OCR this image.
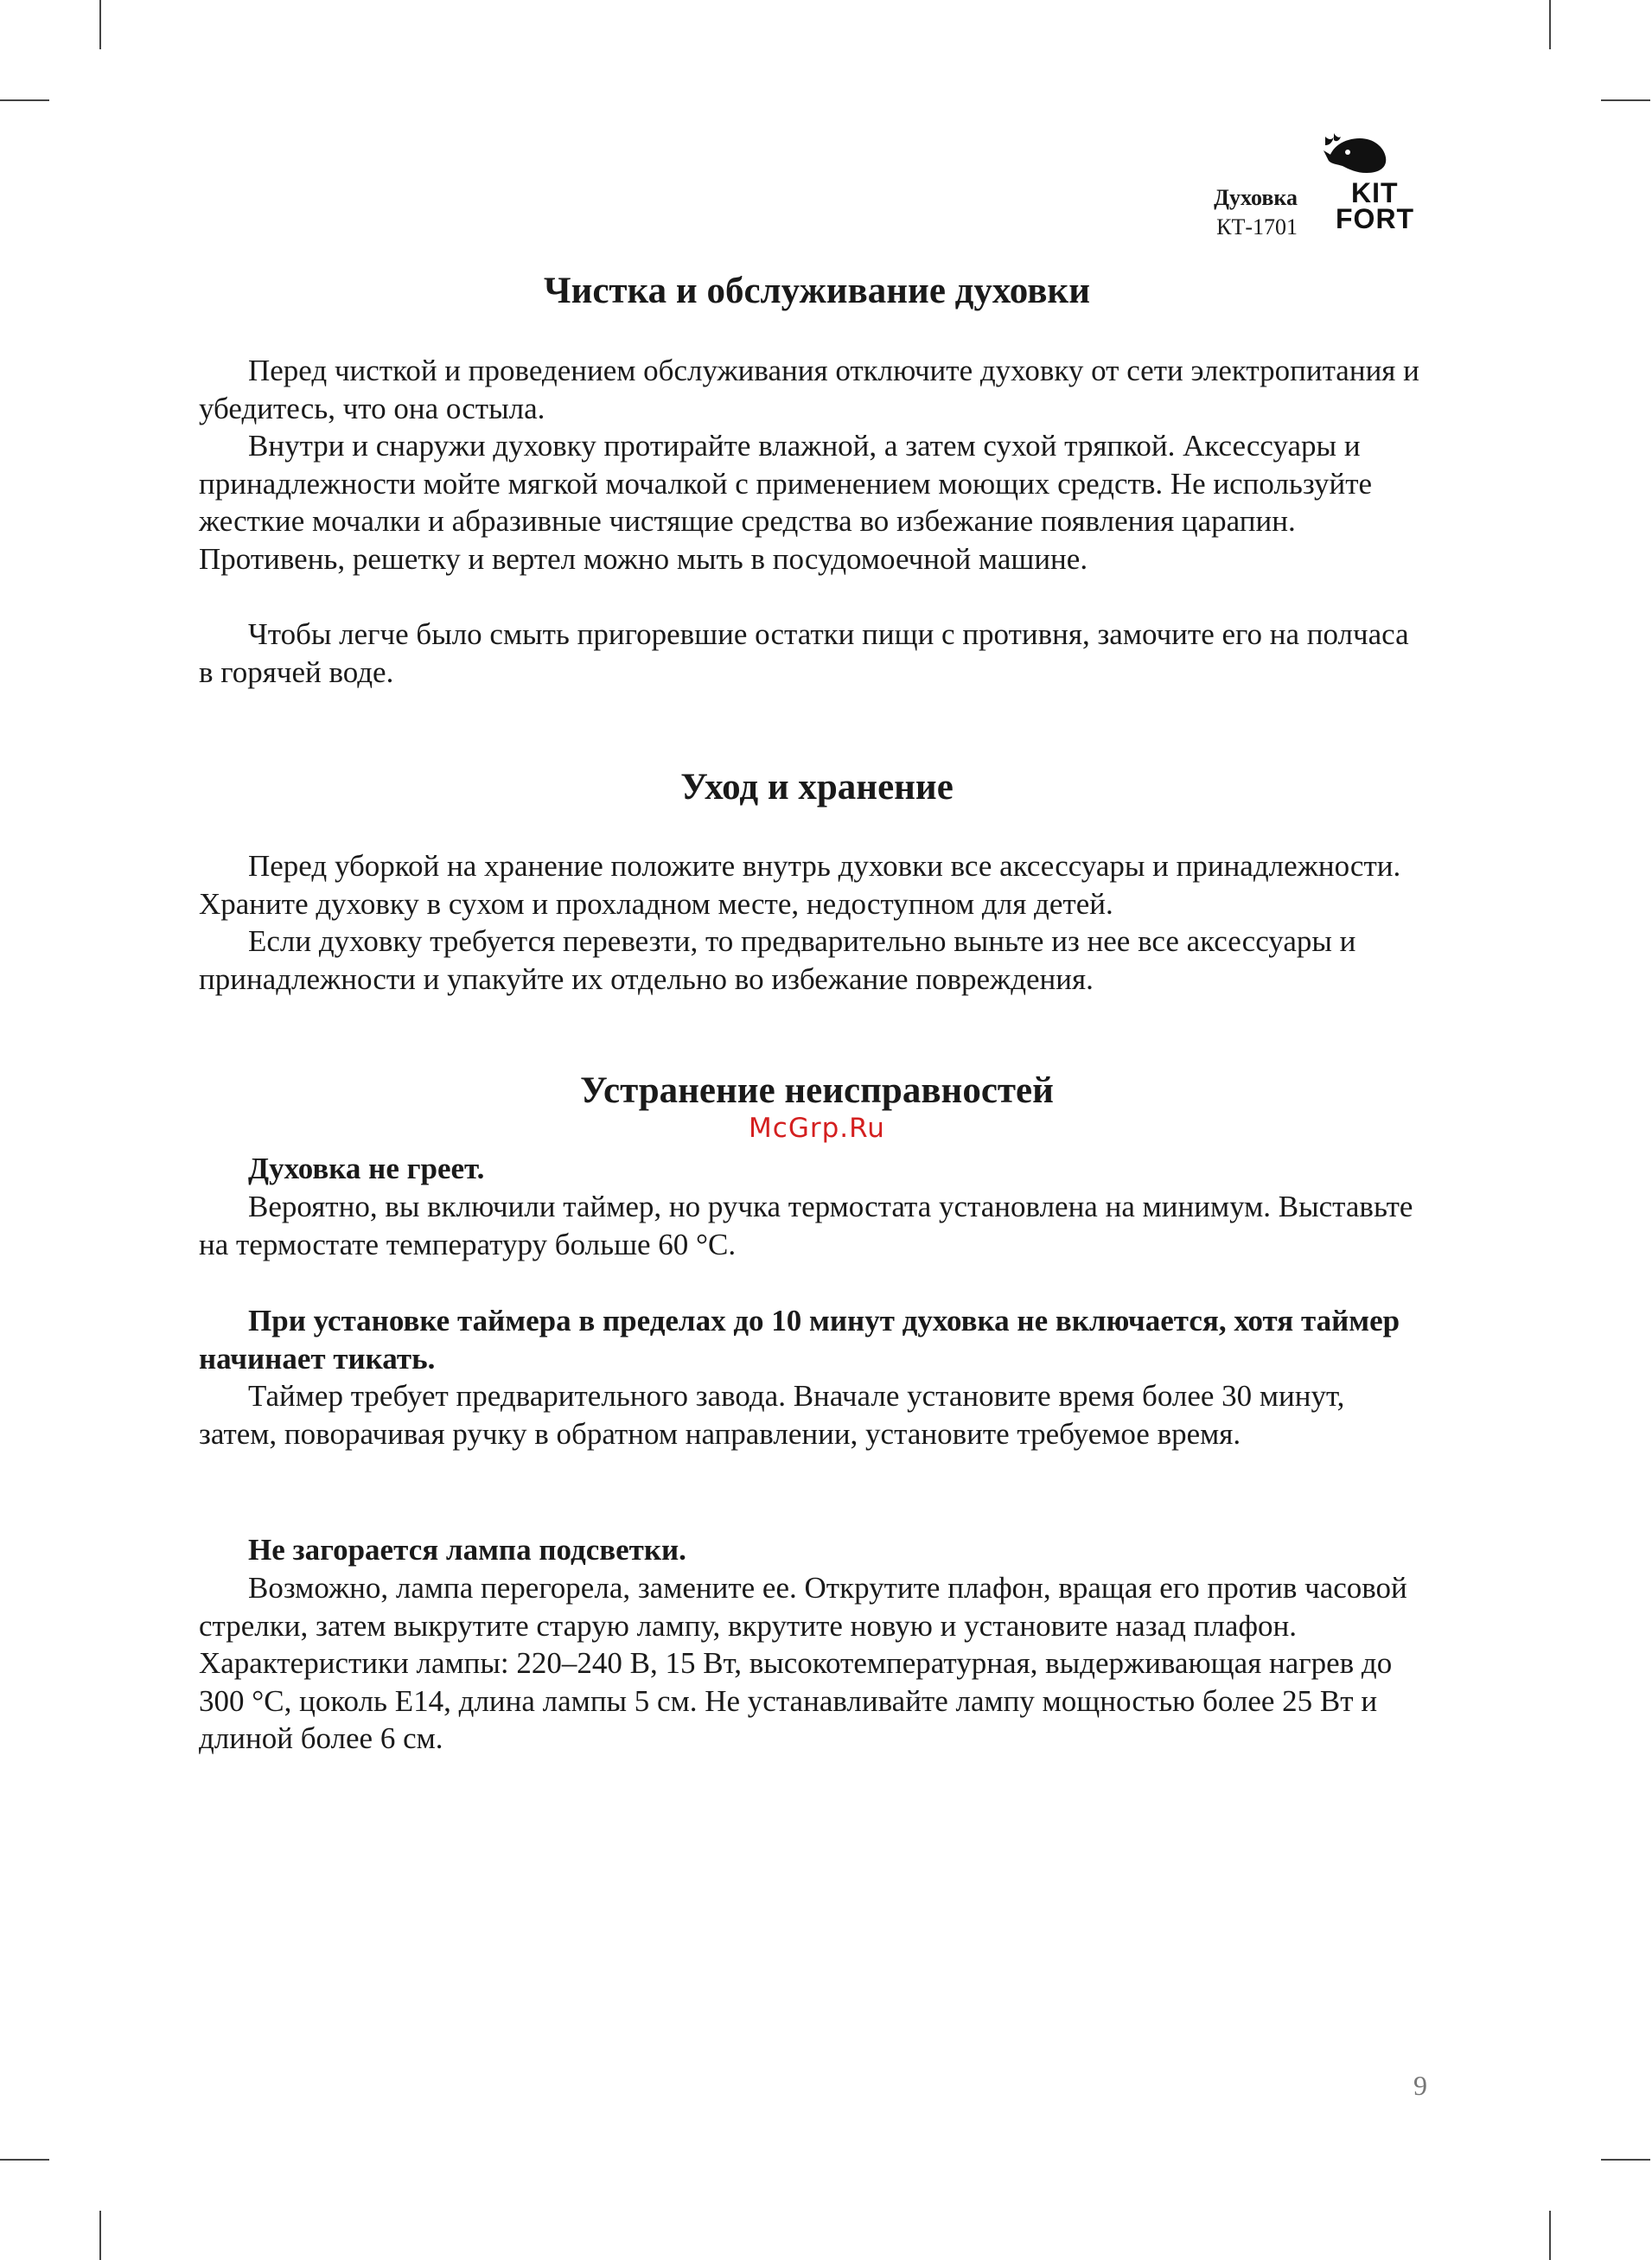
Духовка
КТ-1701
KIT
FORT
Чистка и обслуживание духовки

Перед чисткой и проведением обслуживания отключите духовку от сети электропитания и убедитесь, что она остыла.

Внутри и снаружи духовку протирайте влажной, а затем сухой тряпкой. Аксессуары и принадлежности мойте мягкой мочалкой с применением моющих средств. Не используйте жесткие мочалки и абразивные чистящие средства во избежание появления царапин. Противень, решетку и вертел можно мыть в посудомоечной машине.

Чтобы легче было смыть пригоревшие остатки пищи с противня, замочите его на полчаса в горячей воде.

Уход и хранение

Перед уборкой на хранение положите внутрь духовки все аксессуары и принадлежности. Храните духовку в сухом и прохладном месте, недоступном для детей.

Если духовку требуется перевезти, то предварительно выньте из нее все аксессуары и принадлежности и упакуйте их отдельно во избежание повреждения.

Устранение неисправностей
McGrp.Ru

Духовка не греет.

Вероятно, вы включили таймер, но ручка термостата установлена на минимум. Выставьте на термостате температуру больше 60 °С.

При установке таймера в пределах до 10 минут духовка не включается, хотя таймер начинает тикать.

Таймер требует предварительного завода. Вначале установите время более 30 минут, затем, поворачивая ручку в обратном направлении, установите требуемое время.

Не загорается лампа подсветки.

Возможно, лампа перегорела, замените ее. Открутите плафон, вращая его против часовой стрелки, затем выкрутите старую лампу, вкрутите новую и установите назад плафон. Характеристики лампы: 220–240 В, 15 Вт, высокотемпературная, выдерживающая нагрев до 300 °С, цоколь Е14, длина лампы 5 см. Не устанавливайте лампу мощностью более 25 Вт и длиной более 6 см.

9
